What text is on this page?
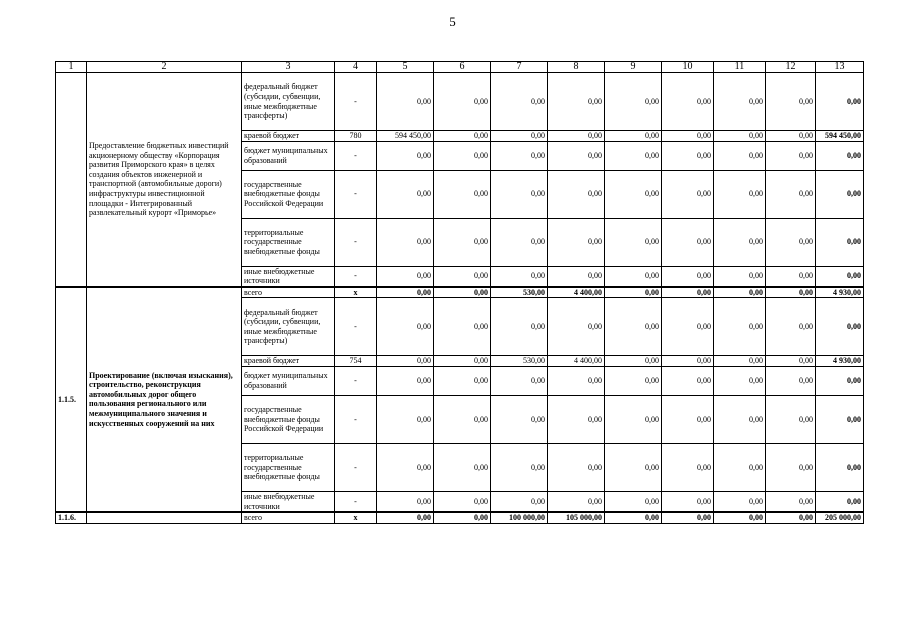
5
1	2	3	4	5	6	7	8	9	10	11	12	13
	Предоставление бюджетных инвестиций акционерному обществу «Корпорация развития Приморского края» в целях создания объектов инженерной и транспортной (автомобильные дороги) инфраструктуры инвестиционной площадки - Интегрированный развлекательный курорт «Приморье»	федеральный бюджет (субсидии, субвенции, иные межбюджетные трансферты)	-	0,00	0,00	0,00	0,00	0,00	0,00	0,00	0,00	0,00
		краевой бюджет	780	594 450,00	0,00	0,00	0,00	0,00	0,00	0,00	0,00	594 450,00
		бюджет муниципальных образований	-	0,00	0,00	0,00	0,00	0,00	0,00	0,00	0,00	0,00
		государственные внебюджетные фонды Российской Федерации	-	0,00	0,00	0,00	0,00	0,00	0,00	0,00	0,00	0,00
		территориальные государственные внебюджетные фонды	-	0,00	0,00	0,00	0,00	0,00	0,00	0,00	0,00	0,00
		иные внебюджетные источники	-	0,00	0,00	0,00	0,00	0,00	0,00	0,00	0,00	0,00
1.1.5.	Проектирование (включая изыскания), строительство, реконструкция автомобильных дорог общего пользования регионального или межмуниципального значения и искусственных сооружений на них	всего	x	0,00	0,00	530,00	4 400,00	0,00	0,00	0,00	0,00	4 930,00
		федеральный бюджет (субсидии, субвенции, иные межбюджетные трансферты)	-	0,00	0,00	0,00	0,00	0,00	0,00	0,00	0,00	0,00
		краевой бюджет	754	0,00	0,00	530,00	4 400,00	0,00	0,00	0,00	0,00	4 930,00
		бюджет муниципальных образований	-	0,00	0,00	0,00	0,00	0,00	0,00	0,00	0,00	0,00
		государственные внебюджетные фонды Российской Федерации	-	0,00	0,00	0,00	0,00	0,00	0,00	0,00	0,00	0,00
		территориальные государственные внебюджетные фонды	-	0,00	0,00	0,00	0,00	0,00	0,00	0,00	0,00	0,00
		иные внебюджетные источники	-	0,00	0,00	0,00	0,00	0,00	0,00	0,00	0,00	0,00
1.1.6.		всего	x	0,00	0,00	100 000,00	105 000,00	0,00	0,00	0,00	0,00	205 000,00
